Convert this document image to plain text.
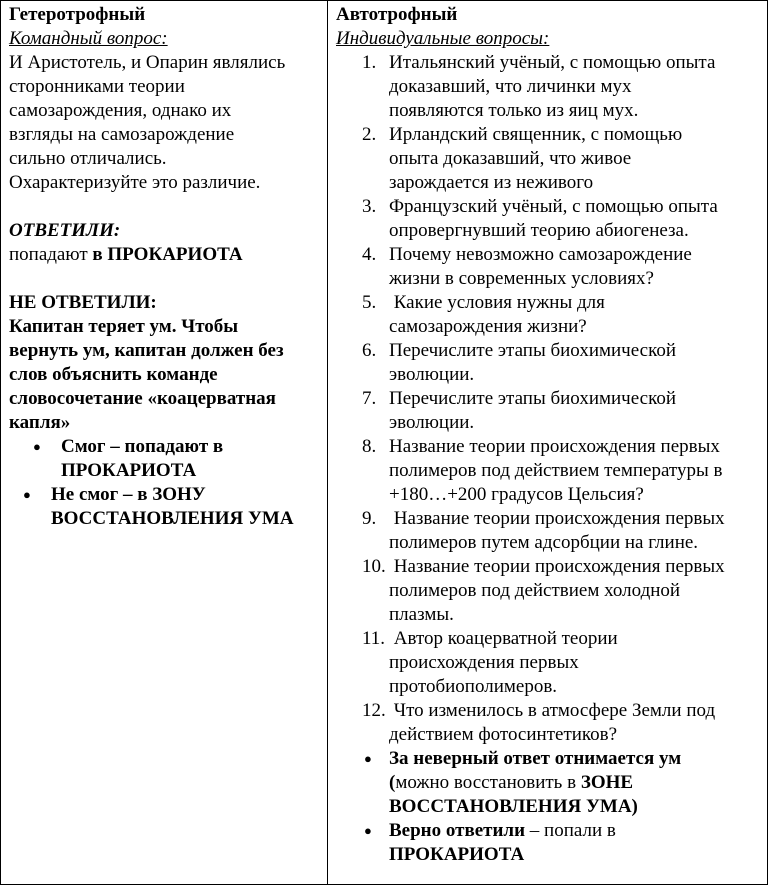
Гетеротрофный

Командный вопрос:

И Аристотель, и Опарин являлись

сторонниками теории

самозарождения, однако их

взгляды на самозарождение

сильно отличались.

Охарактеризуйте это различие.

ОТВЕТИЛИ:

попадают в ПРОКАРИОТА

НЕ ОТВЕТИЛИ:

Капитан теряет ум. Чтобы

вернуть ум, капитан должен без

слов объяснить команде

словосочетание «коацерватная

капля»

● Смог – попадают в
ПРОКАРИОТА
● Не смог – в ЗОНУ
ВОССТАНОВЛЕНИЯ УМА

Автотрофный

Индивидуальные вопросы:

1. Итальянский учёный, с помощью опыта
доказавший, что личинки мух
появляются только из яиц мух.
2. Ирландский священник, с помощью
опыта доказавший, что живое
зарождается из неживого
3. Французский учёный, с помощью опыта
опровергнувший теорию абиогенеза.
4. Почему невозможно самозарождение
жизни в современных условиях?
5. Какие условия нужны для
самозарождения жизни?
6. Перечислите этапы биохимической
эволюции.
7. Перечислите этапы биохимической
эволюции.
8. Название теории происхождения первых
полимеров под действием температуры в
+180…+200 градусов Цельсия?
9. Название теории происхождения первых
полимеров путем адсорбции на глине.
10. Название теории происхождения первых
полимеров под действием холодной
плазмы.
11. Автор коацерватной теории
происхождения первых
протобиополимеров.
12. Что изменилось в атмосфере Земли под
действием фотосинтетиков?
● За неверный ответ отнимается ум
(можно восстановить в ЗОНЕ
ВОССТАНОВЛЕНИЯ УМА)
● Верно ответили – попали в
ПРОКАРИОТА
